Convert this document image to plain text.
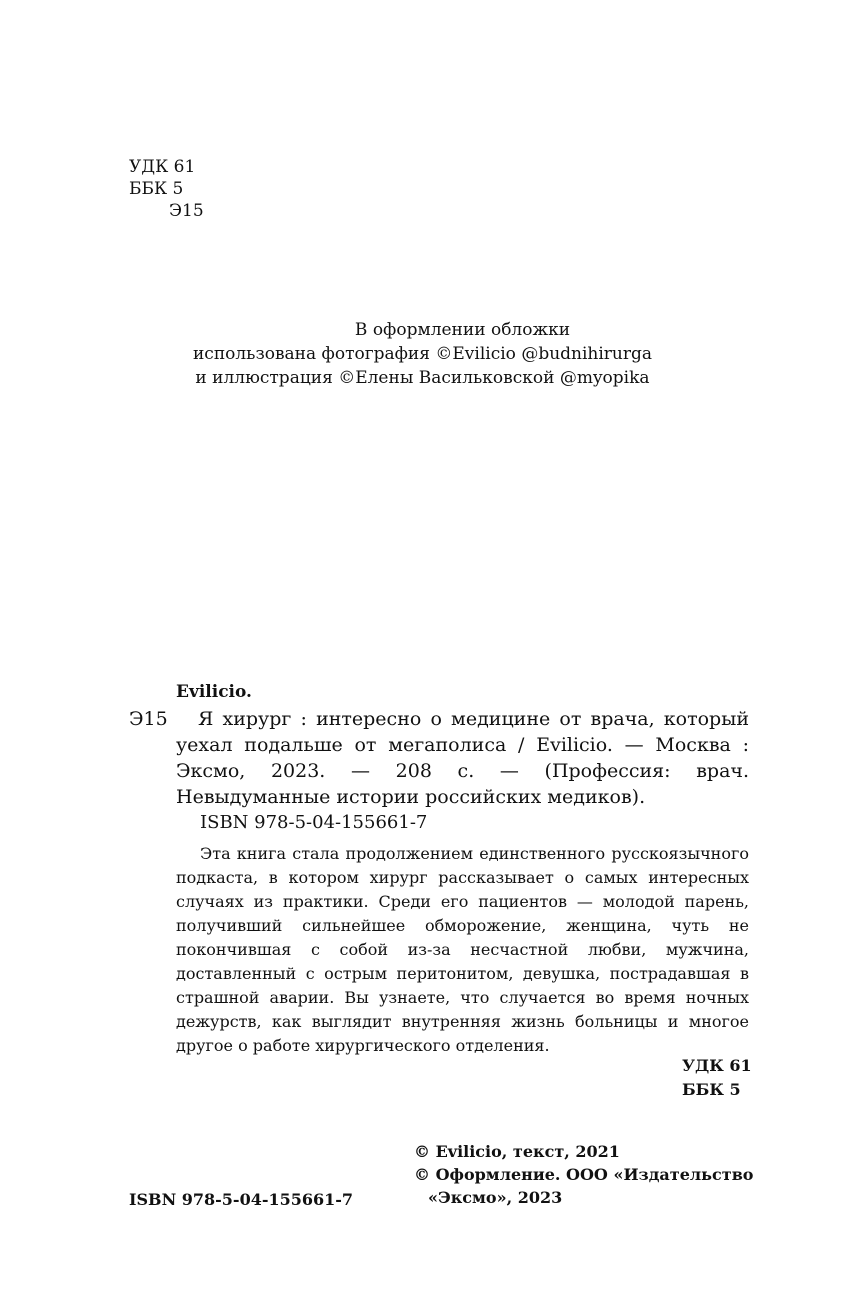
УДК 61
ББК 5
Э15
В оформлении обложки
использована фотография ©Evilicio @budnihirurga
и иллюстрация ©Елены Васильковской @myopika
Evilicio.
Э15	Я хирург : интересно о медицине от врача, который уехал подальше от мегаполиса / Evilicio. — Москва : Эксмо, 2023. — 208 с. — (Профессия: врач. Невыдуманные истории российских медиков).
ISBN 978-5-04-155661-7
Эта книга стала продолжением единственного русскоязычного подкаста, в котором хирург рассказывает о самых интересных случаях из практики. Среди его пациентов — молодой парень, получивший сильнейшее обморожение, женщина, чуть не покончившая с собой из-за несчастной любви, мужчина, доставленный с острым перитонитом, девушка, пострадавшая в страшной аварии. Вы узнаете, что случается во время ночных дежурств, как выглядит внутренняя жизнь больницы и многое другое о работе хирургического отделения.
УДК 61
ББК 5
© Evilicio, текст, 2021
© Оформление. ООО «Издательство
«Эксмо», 2023
ISBN 978-5-04-155661-7
